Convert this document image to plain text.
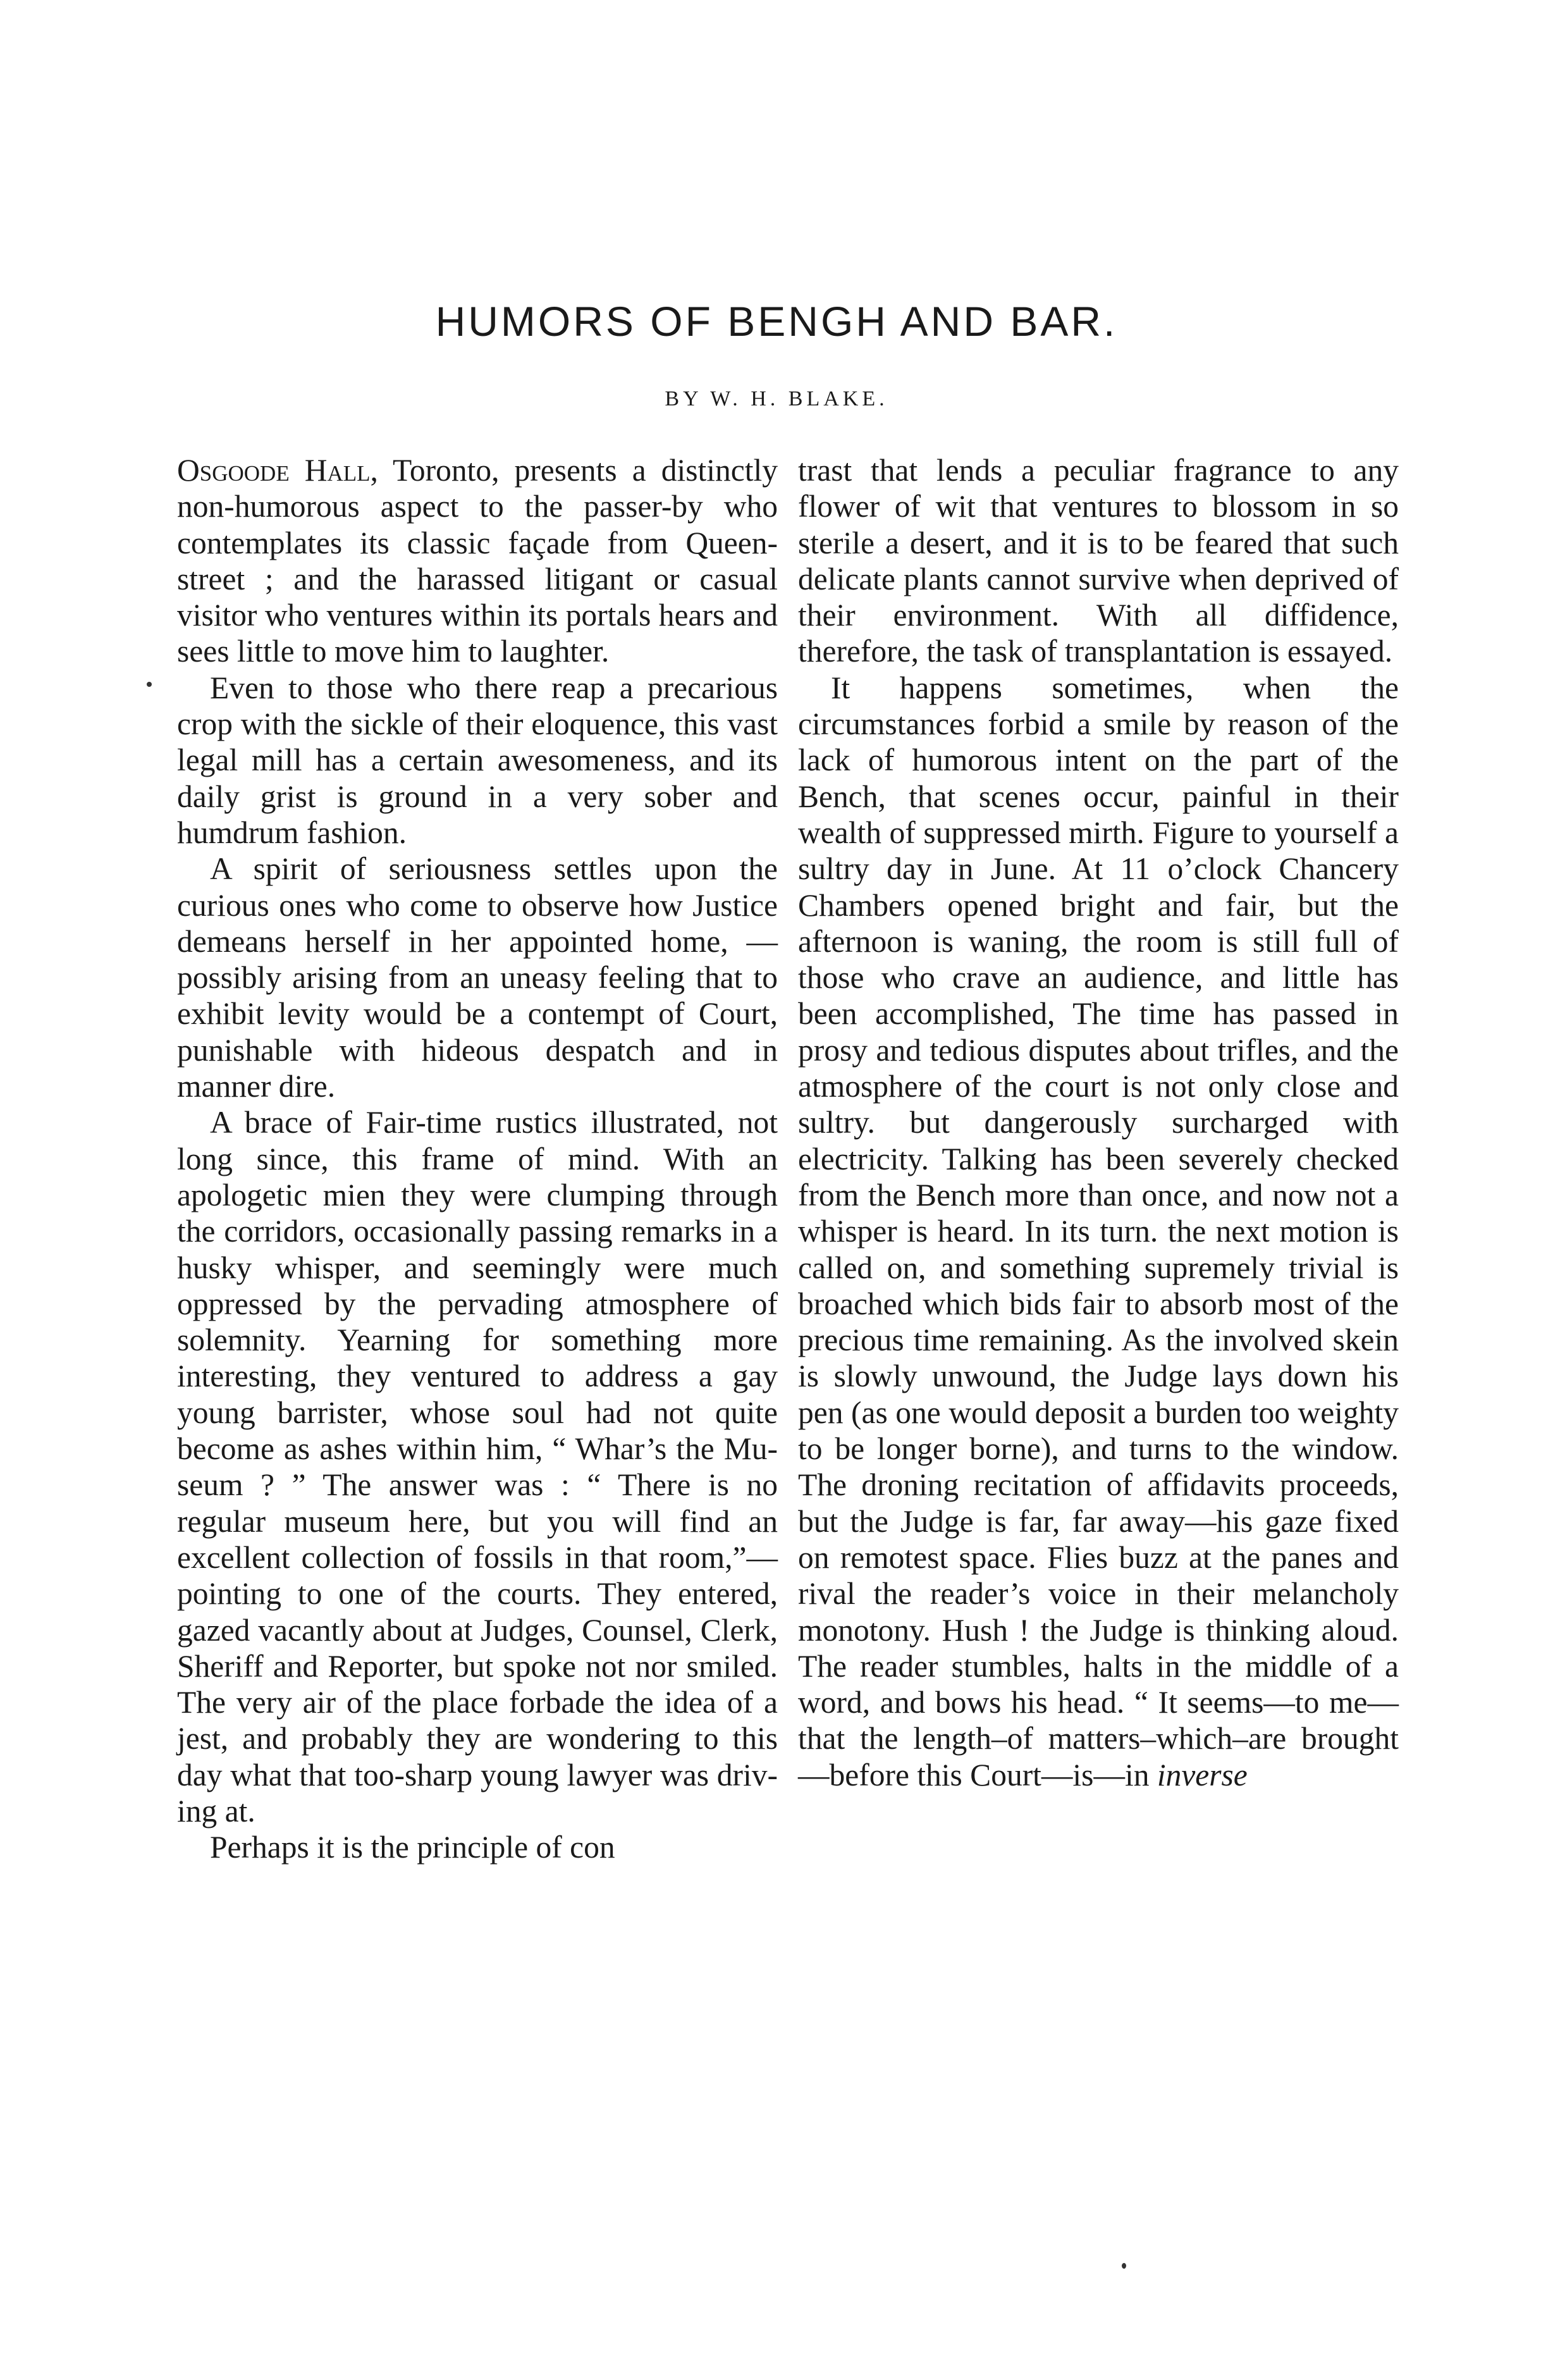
HUMORS OF BENGH AND BAR.
BY W. H. BLAKE.

Osgoode Hall, Toronto, presents a distinctly non-humorous aspect to the passer-by who contemplates its classic façade from Queen-street ; and the harassed litigant or casual visitor who ventures within its portals hears and sees little to move him to laughter.

Even to those who there reap a precarious crop with the sickle of their eloquence, this vast legal mill has a certain awesomeness, and its daily grist is ground in a very sober and humdrum fashion.

A spirit of seriousness settles upon the curious ones who come to observe how Justice demeans herself in her appointed home, — possibly arising from an uneasy feeling that to exhibit levity would be a contempt of Court, punishable with hideous despatch and in manner dire.

A brace of Fair-time rustics illustrated, not long since, this frame of mind. With an apologetic mien they were clumping through the corridors, occasionally passing remarks in a husky whisper, and seemingly were much oppressed by the pervading atmosphere of solemnity. Yearning for something more interesting, they ventured to address a gay young barrister, whose soul had not quite become as ashes within him, “ Whar’s the Museum ? ” The answer was : “ There is no regular museum here, but you will find an excellent collection of fossils in that room,”—pointing to one of the courts. They entered, gazed vacantly about at Judges, Counsel, Clerk, Sheriff and Reporter, but spoke not nor smiled. The very air of the place forbade the idea of a jest, and probably they are wondering to this day what that too-sharp young lawyer was driving at.

Perhaps it is the principle of con

trast that lends a peculiar fragrance to any flower of wit that ventures to blossom in so sterile a desert, and it is to be feared that such delicate plants cannot survive when deprived of their environment. With all diffidence, therefore, the task of transplantation is essayed.

It happens sometimes, when the circumstances forbid a smile by reason of the lack of humorous intent on the part of the Bench, that scenes occur, painful in their wealth of suppressed mirth. Figure to yourself a sultry day in June. At 11 o’clock Chancery Chambers opened bright and fair, but the afternoon is waning, the room is still full of those who crave an audience, and little has been accomplished, The time has passed in prosy and tedious disputes about trifles, and the atmosphere of the court is not only close and sultry. but dangerously surcharged with electricity. Talking has been severely checked from the Bench more than once, and now not a whisper is heard. In its turn. the next motion is called on, and something supremely trivial is broached which bids fair to absorb most of the precious time remaining. As the involved skein is slowly unwound, the Judge lays down his pen (as one would deposit a burden too weighty to be longer borne), and turns to the window. The droning recitation of affidavits proceeds, but the Judge is far, far away—his gaze fixed on remotest space. Flies buzz at the panes and rival the reader’s voice in their melancholy monotony. Hush ! the Judge is thinking aloud. The reader stumbles, halts in the middle of a word, and bows his head. “ It seems—to me—that the length–of matters–which–are brought —before this Court—is—in inverse
